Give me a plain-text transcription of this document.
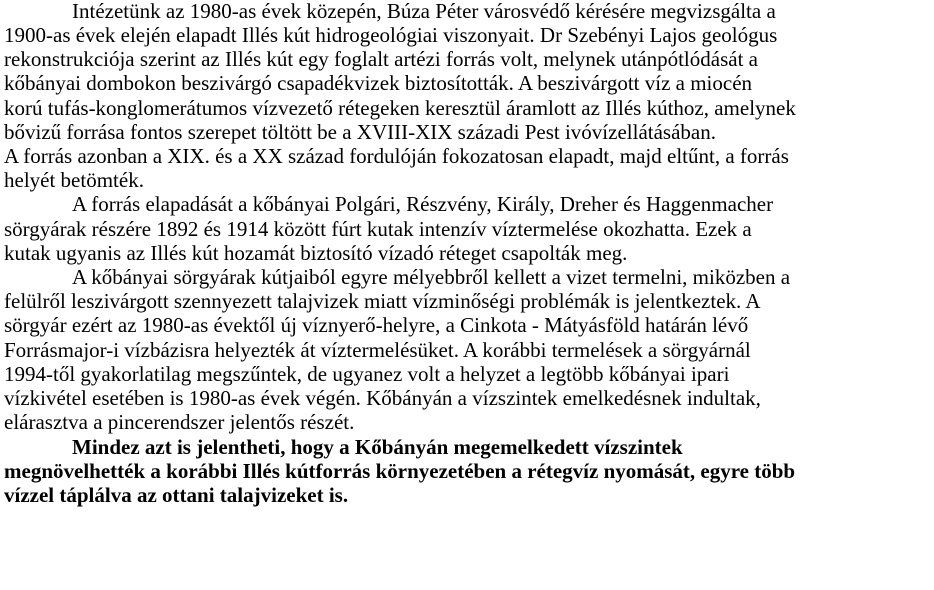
Intézetünk az 1980-as évek közepén, Búza Péter városvédő kérésére megvizsgálta a

1900-as évek elején elapadt Illés kút hidrogeológiai viszonyait. Dr Szebényi Lajos geológus

rekonstrukciója szerint az Illés kút egy foglalt artézi forrás volt, melynek utánpótlódását a

kőbányai dombokon beszivárgó csapadékvizek biztosították. A beszivárgott víz a miocén

korú tufás-konglomerátumos vízvezető rétegeken keresztül áramlott az Illés kúthoz, amelynek

bővizű forrása fontos szerepet töltött be a XVIII-XIX századi Pest ivóvízellátásában.

A forrás azonban a XIX. és a XX század fordulóján fokozatosan elapadt, majd eltűnt, a forrás

helyét betömték.

A forrás elapadását a kőbányai Polgári, Részvény, Király, Dreher és Haggenmacher

sörgyárak részére 1892 és 1914 között fúrt kutak intenzív víztermelése okozhatta. Ezek a

kutak ugyanis az Illés kút hozamát biztosító vízadó réteget csapolták meg.

A kőbányai sörgyárak kútjaiból egyre mélyebbről kellett a vizet termelni, miközben a

felülről leszivárgott szennyezett talajvizek miatt vízminőségi problémák is jelentkeztek. A

sörgyár ezért az 1980-as évektől új víznyerő-helyre, a Cinkota - Mátyásföld határán lévő

Forrásmajor-i vízbázisra helyezték át víztermelésüket. A korábbi termelések a sörgyárnál

1994-től gyakorlatilag megszűntek, de ugyanez volt a helyzet a legtöbb kőbányai ipari

vízkivétel esetében is 1980-as évek végén. Kőbányán a vízszintek emelkedésnek indultak,

elárasztva a pincerendszer jelentős részét.

Mindez azt is jelentheti, hogy a Kőbányán megemelkedett vízszintek

megnövelhették a korábbi Illés kútforrás környezetében a rétegvíz nyomását, egyre több

vízzel táplálva az ottani talajvizeket is.
